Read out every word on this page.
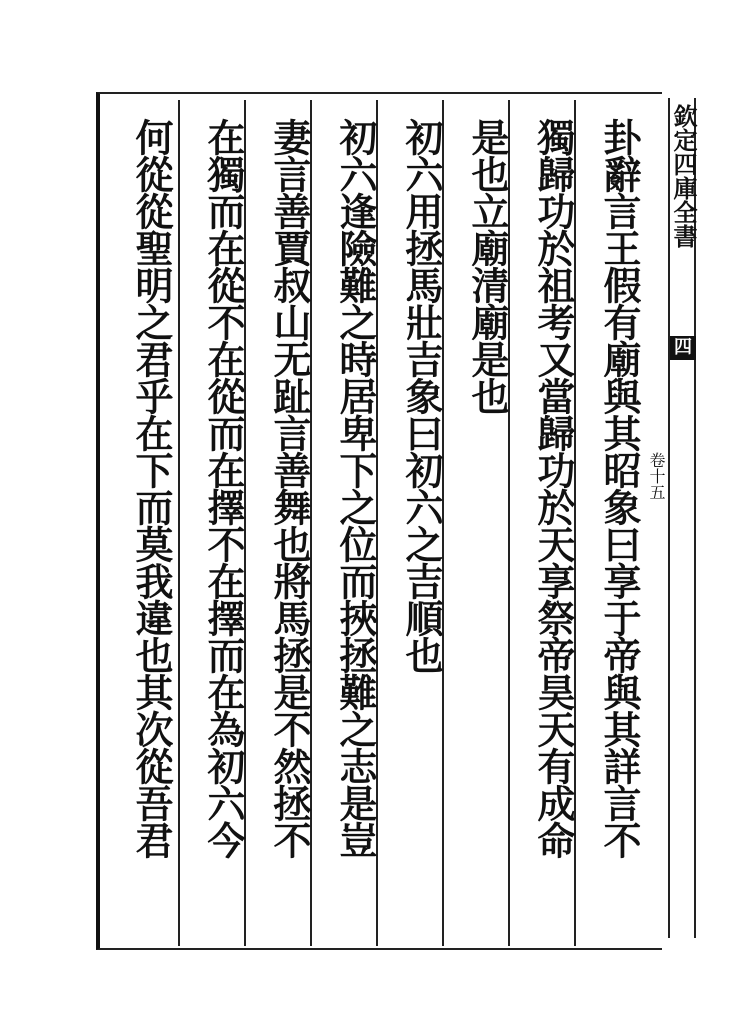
欽定四庫全書
四
卷十五
卦辭言王假有廟與其昭象曰享于帝與其詳言不
獨歸功於祖考又當歸功於天享祭帝昊天有成命
是也立廟清廟是也
初六用拯馬壯吉象曰初六之吉順也
初六逢險難之時居卑下之位而挾拯難之志是豈
妻言善賈叔山无趾言善舞也將馬拯是不然拯不
在獨而在從不在從而在擇不在擇而在為初六今
何從從聖明之君乎在下而莫我違也其次從吾君
